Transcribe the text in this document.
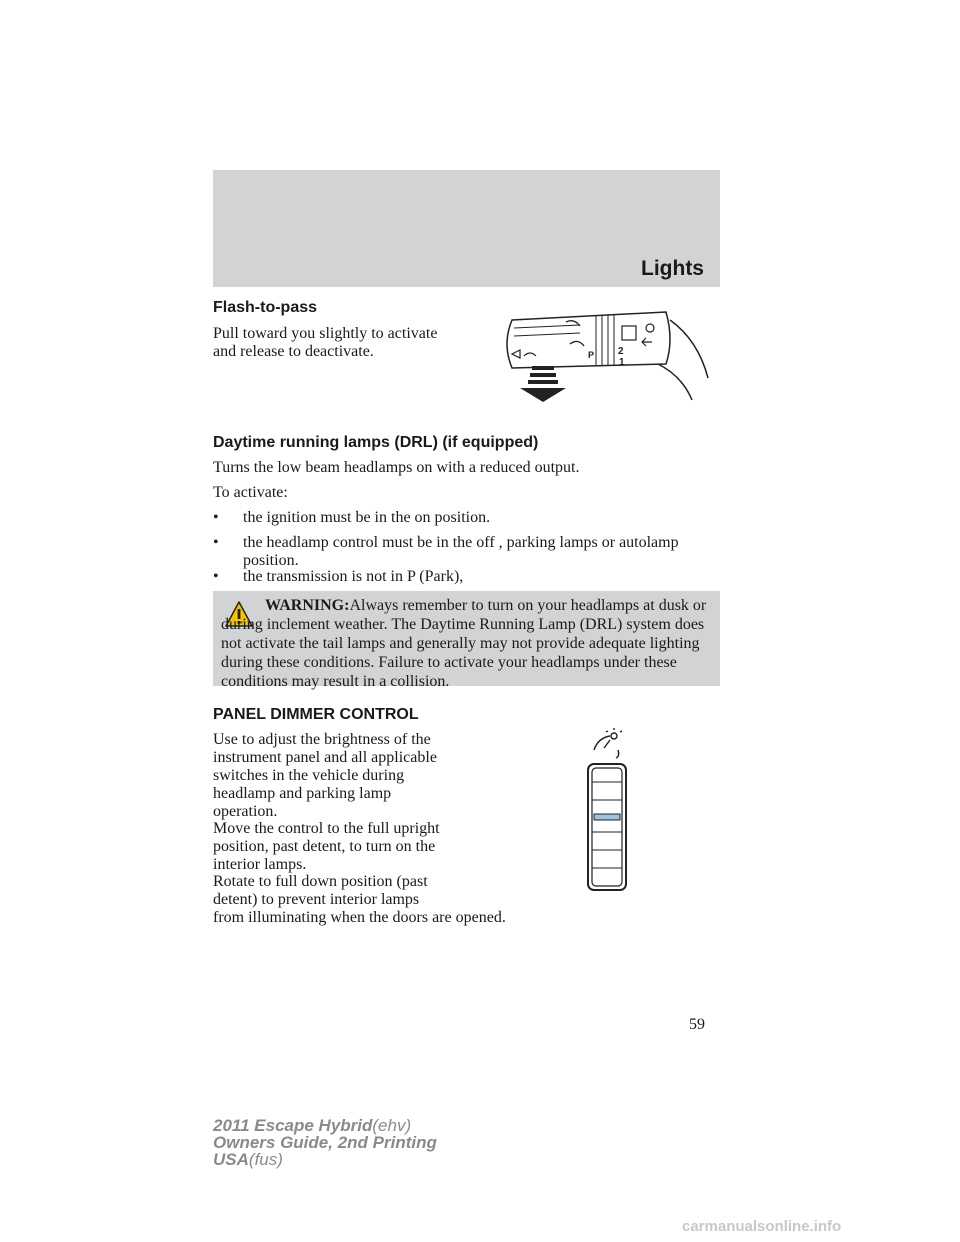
Lights
Flash-to-pass
Pull toward you slightly to activate
and release to deactivate.	2
1
P
Daytime running lamps (DRL) (if equipped)
Turns the low beam headlamps on with a reduced output.
To activate:
• the ignition must be in the on position.
• the headlamp control must be in the off , parking lamps or autolamp position.
• the transmission is not in P (Park),
WARNING:Always remember to turn on your headlamps at dusk or during inclement weather. The Daytime Running Lamp (DRL) system does not activate the tail lamps and generally may not provide adequate lighting during these conditions. Failure to activate your headlamps under these conditions may result in a collision.
PANEL DIMMER CONTROL
Use to adjust the brightness of the
instrument panel and all applicable
switches in the vehicle during
headlamp and parking lamp
operation.
Move the control to the full upright
position, past detent, to turn on the
interior lamps.
Rotate to full down position (past
detent) to prevent interior lamps
from illuminating when the doors are opened.
59
2011 Escape Hybrid(ehv)
Owners Guide, 2nd Printing
USA(fus)
carmanualsonline.info
